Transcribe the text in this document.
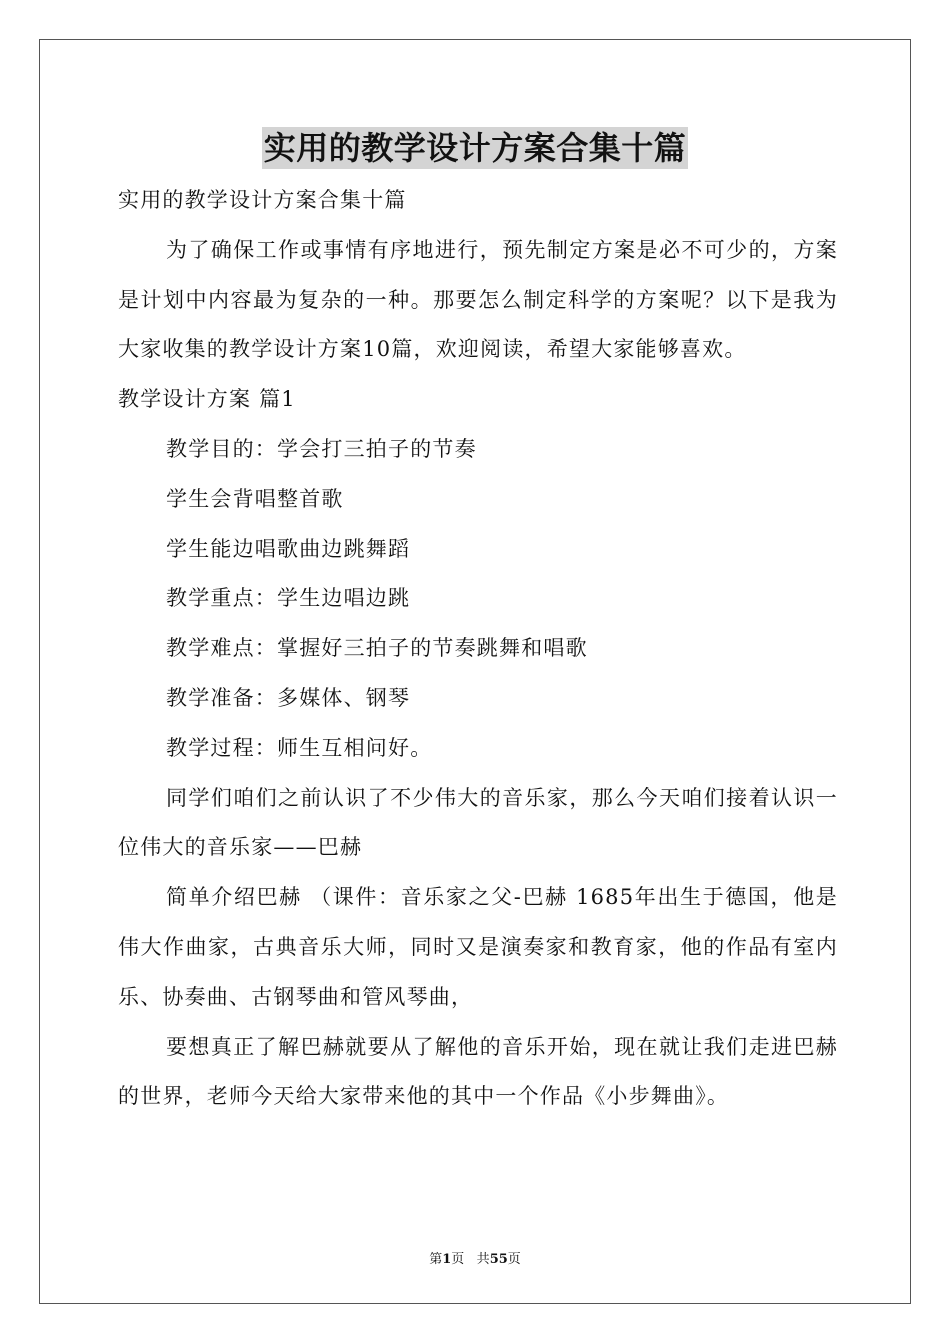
实用的教学设计方案合集十篇

实用的教学设计方案合集十篇

为了确保工作或事情有序地进行，预先制定方案是必不可少的，方案是计划中内容最为复杂的一种。那要怎么制定科学的方案呢？以下是我为大家收集的教学设计方案10篇，欢迎阅读，希望大家能够喜欢。

教学设计方案 篇1

教学目的：学会打三拍子的节奏

学生会背唱整首歌

学生能边唱歌曲边跳舞蹈

教学重点：学生边唱边跳

教学难点：掌握好三拍子的节奏跳舞和唱歌

教学准备：多媒体、钢琴

教学过程：师生互相问好。

同学们咱们之前认识了不少伟大的音乐家，那么今天咱们接着认识一位伟大的音乐家——巴赫

简单介绍巴赫 （课件：音乐家之父-巴赫 1685年出生于德国，他是伟大作曲家，古典音乐大师，同时又是演奏家和教育家，他的作品有室内乐、协奏曲、古钢琴曲和管风琴曲，

要想真正了解巴赫就要从了解他的音乐开始，现在就让我们走进巴赫的世界，老师今天给大家带来他的其中一个作品《小步舞曲》。

第1页 共55页
